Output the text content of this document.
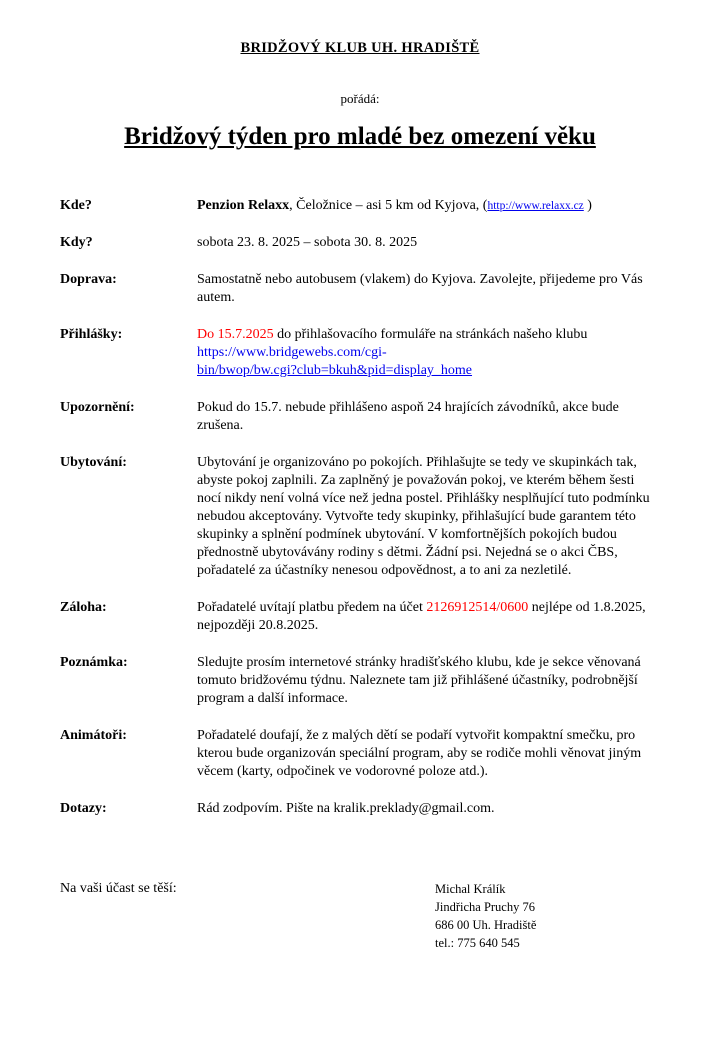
BRIDŽOVÝ KLUB UH. HRADIŠTĚ
pořádá:
Bridžový týden pro mladé bez omezení věku
Kde?	Penzion Relaxx, Čeložnice – asi 5 km od Kyjova, (http://www.relaxx.cz )
Kdy?	sobota 23. 8. 2025 – sobota 30. 8. 2025
Doprava:	Samostatně nebo autobusem (vlakem) do Kyjova. Zavolejte, přijedeme pro Vás autem.
Přihlášky:	Do 15.7.2025 do přihlašovacího formuláře na stránkách našeho klubu https://www.bridgewebs.com/cgi-
bin/bwop/bw.cgi?club=bkuh&pid=display_home
Upozornění:	Pokud do 15.7. nebude přihlášeno aspoň 24 hrajících závodníků, akce bude zrušena.
Ubytování:	Ubytování je organizováno po pokojích. Přihlašujte se tedy ve skupinkách tak, abyste pokoj zaplnili. Za zaplněný je považován pokoj, ve kterém během šesti nocí nikdy není volná více než jedna postel. Přihlášky nesplňující tuto podmínku nebudou akceptovány. Vytvořte tedy skupinky, přihlašující bude garantem této skupinky a splnění podmínek ubytování. V komfortnějších pokojích budou přednostně ubytovávány rodiny s dětmi. Žádní psi. Nejedná se o akci ČBS, pořadatelé za účastníky nenesou odpovědnost, a to ani za nezletilé.
Záloha:	Pořadatelé uvítají platbu předem na účet 2126912514/0600 nejlépe od 1.8.2025, nejpozději 20.8.2025.
Poznámka:	Sledujte prosím internetové stránky hradišťského klubu, kde je sekce věnovaná tomuto bridžovému týdnu. Naleznete tam již přihlášené účastníky, podrobnější program a další informace.
Animátoři:	Pořadatelé doufají, že z malých dětí se podaří vytvořit kompaktní smečku, pro kterou bude organizován speciální program, aby se rodiče mohli věnovat jiným věcem (karty, odpočinek ve vodorovné poloze atd.).
Dotazy:	Rád zodpovím. Pište na kralik.preklady@gmail.com.
Na vaši účast se těší:	Michal Králík
Jindřicha Pruchy 76
686 00 Uh. Hradiště
tel.: 775 640 545
